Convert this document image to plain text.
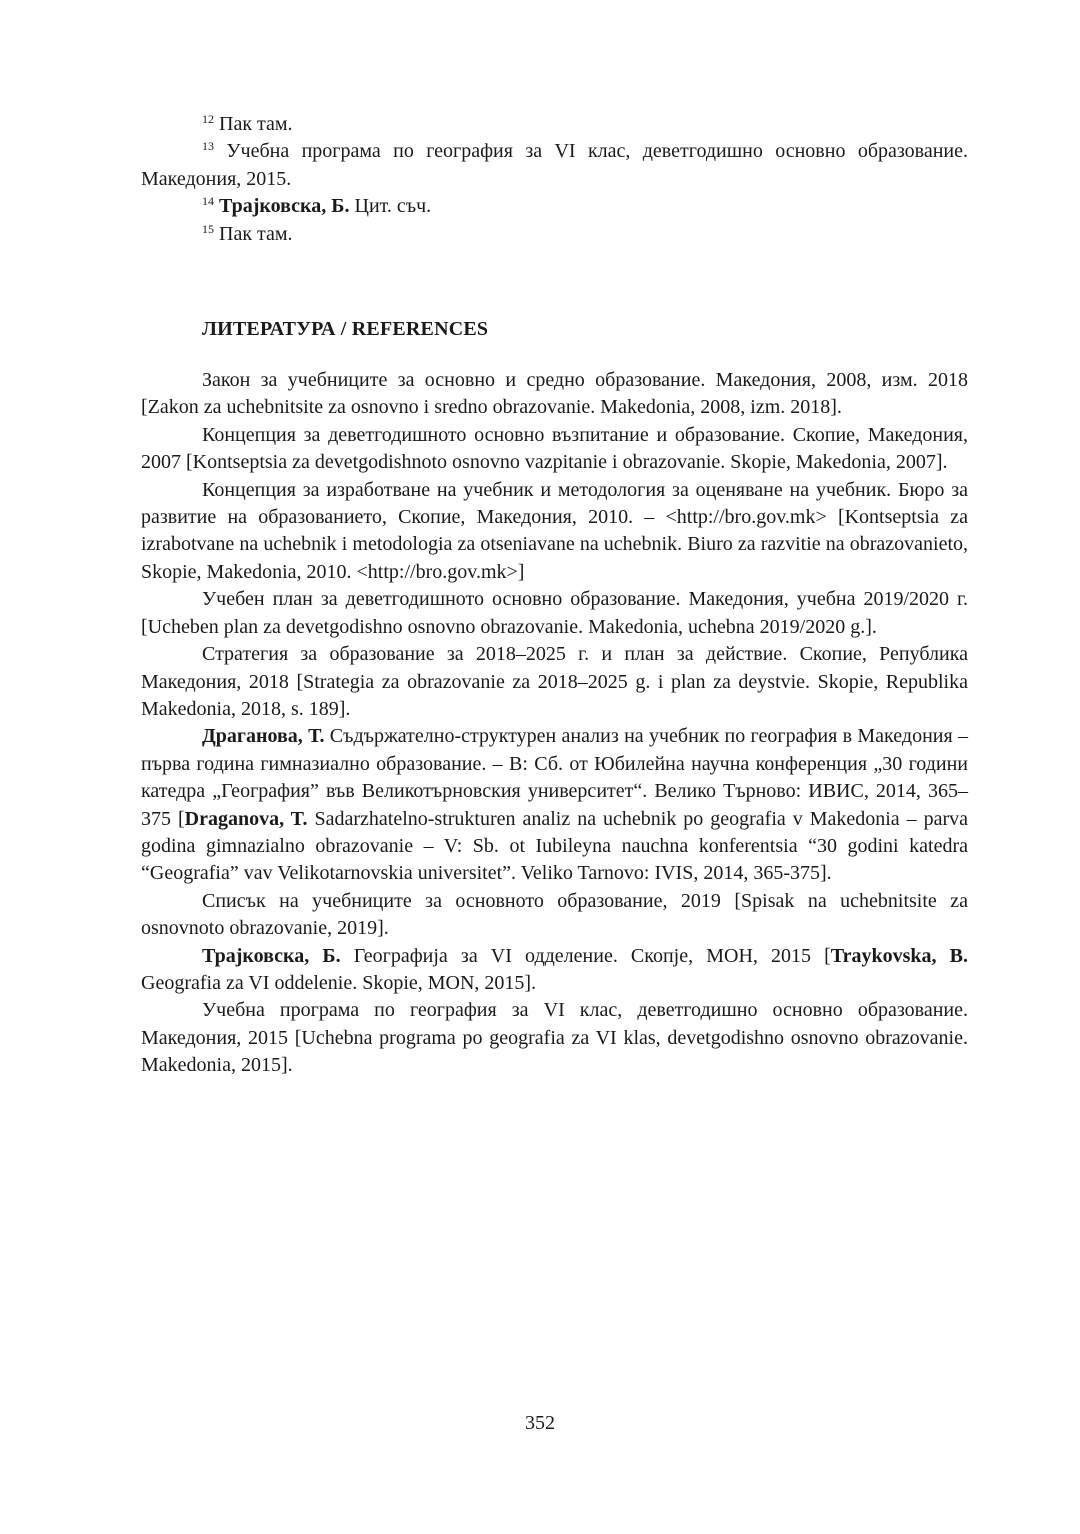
$^{12}$ Пак там.

$^{13}$ Учебна програма по география за VI клас, деветгодишно основно образование. Македония, 2015.

$^{14}$ Трајковска, Б. Цит. съч.

$^{15}$ Пак там.

ЛИТЕРАТУРА / REFERENCES

Закон за учебниците за основно и средно образование. Македония, 2008, изм. 2018 [Zakon za uchebnitsite za osnovno i sredno obrazovanie. Makedonia, 2008, izm. 2018].

Концепция за деветгодишното основно възпитание и образование. Скопие, Македония, 2007 [Kontseptsia za devetgodishnoto osnovno vazpitanie i obrazovanie. Skopie, Makedonia, 2007].

Концепция за изработване на учебник и методология за оценяване на учебник. Бюро за развитие на образованието, Скопие, Македония, 2010. – <http://bro.gov.mk> [Kontseptsia za izrabotvane na uchebnik i metodologia za otseniavane na uchebnik. Biuro za razvitie na obrazovanieto, Skopie, Makedonia, 2010. <http://bro.gov.mk>]

Учебен план за деветгодишното основно образование. Македония, учебна 2019/2020 г. [Ucheben plan za devetgodishno osnovno obrazovanie. Makedonia, uchebna 2019/2020 g.].

Стратегия за образование за 2018–2025 г. и план за действие. Скопие, Република Македония, 2018 [Strategia za obrazovanie za 2018–2025 g. i plan za deystvie. Skopie, Republika Makedonia, 2018, s. 189].

Драганова, Т. Съдържателно-структурен анализ на учебник по география в Македония – първа година гимназиално образование. – В: Сб. от Юбилейна научна конференция „30 години катедра „География” във Великотърновския университет“. Велико Търново: ИВИС, 2014, 365–375 [Draganova, T. Sadarzhatelno-strukturen analiz na uchebnik po geografia v Makedonia – parva godina gimnazialno obrazovanie – V: Sb. ot Iubileyna nauchna konferentsia “30 godini katedra “Geografia” vav Velikotarnovskia universitet”. Veliko Tarnovo: IVIS, 2014, 365-375].

Списък на учебниците за основното образование, 2019 [Spisak na uchebnitsite za osnovnoto obrazovanie, 2019].

Трајковска, Б. Географија за VI одделение. Скопје, МОН, 2015 [Traykovska, B. Geografia za VI oddelenie. Skopie, MON, 2015].

Учебна програма по география за VI клас, деветгодишно основно образование. Македония, 2015 [Uchebna programa po geografia za VI klas, devetgodishno osnovno obrazovanie. Makedonia, 2015].

352
